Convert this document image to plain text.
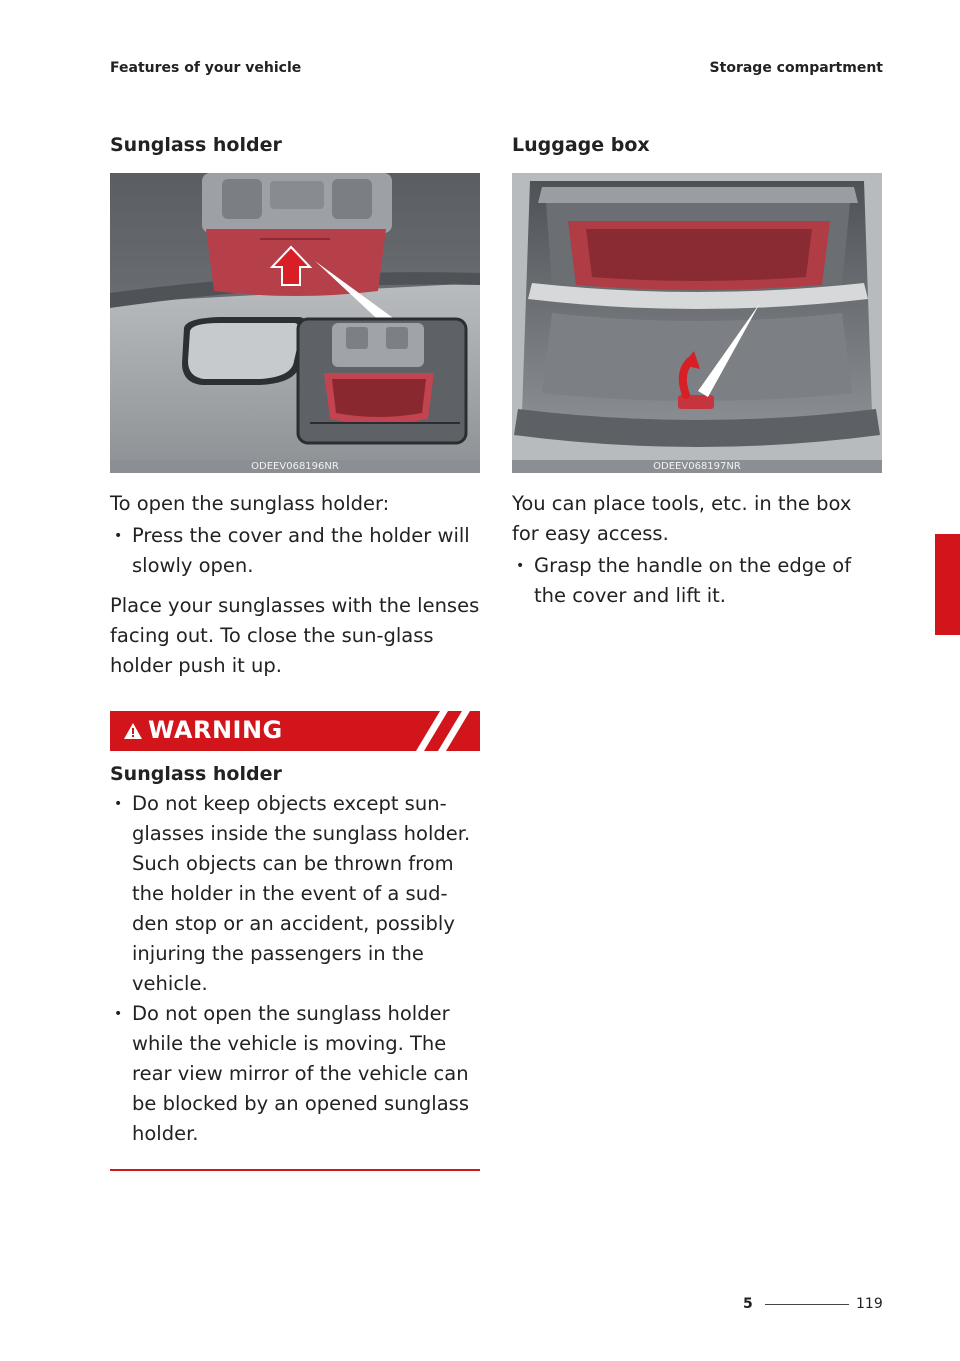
Features of your vehicle	Storage compartment
Sunglass holder
ODEEV068196NR

To open the sunglass holder:

• Press the cover and the holder will slowly open.

Place your sunglasses with the lenses facing out. To close the sun-glass holder push it up.

WARNING
Sunglass holder
• Do not keep objects except sun-glasses inside the sunglass holder. Such objects can be thrown from the holder in the event of a sud-den stop or an accident, possibly injuring the passengers in the vehicle.
• Do not open the sunglass holder while the vehicle is moving. The rear view mirror of the vehicle can be blocked by an opened sunglass holder.
Luggage box
ODEEV068197NR

You can place tools, etc. in the box for easy access.

• Grasp the handle on the edge of the cover and lift it.
5
5	119
